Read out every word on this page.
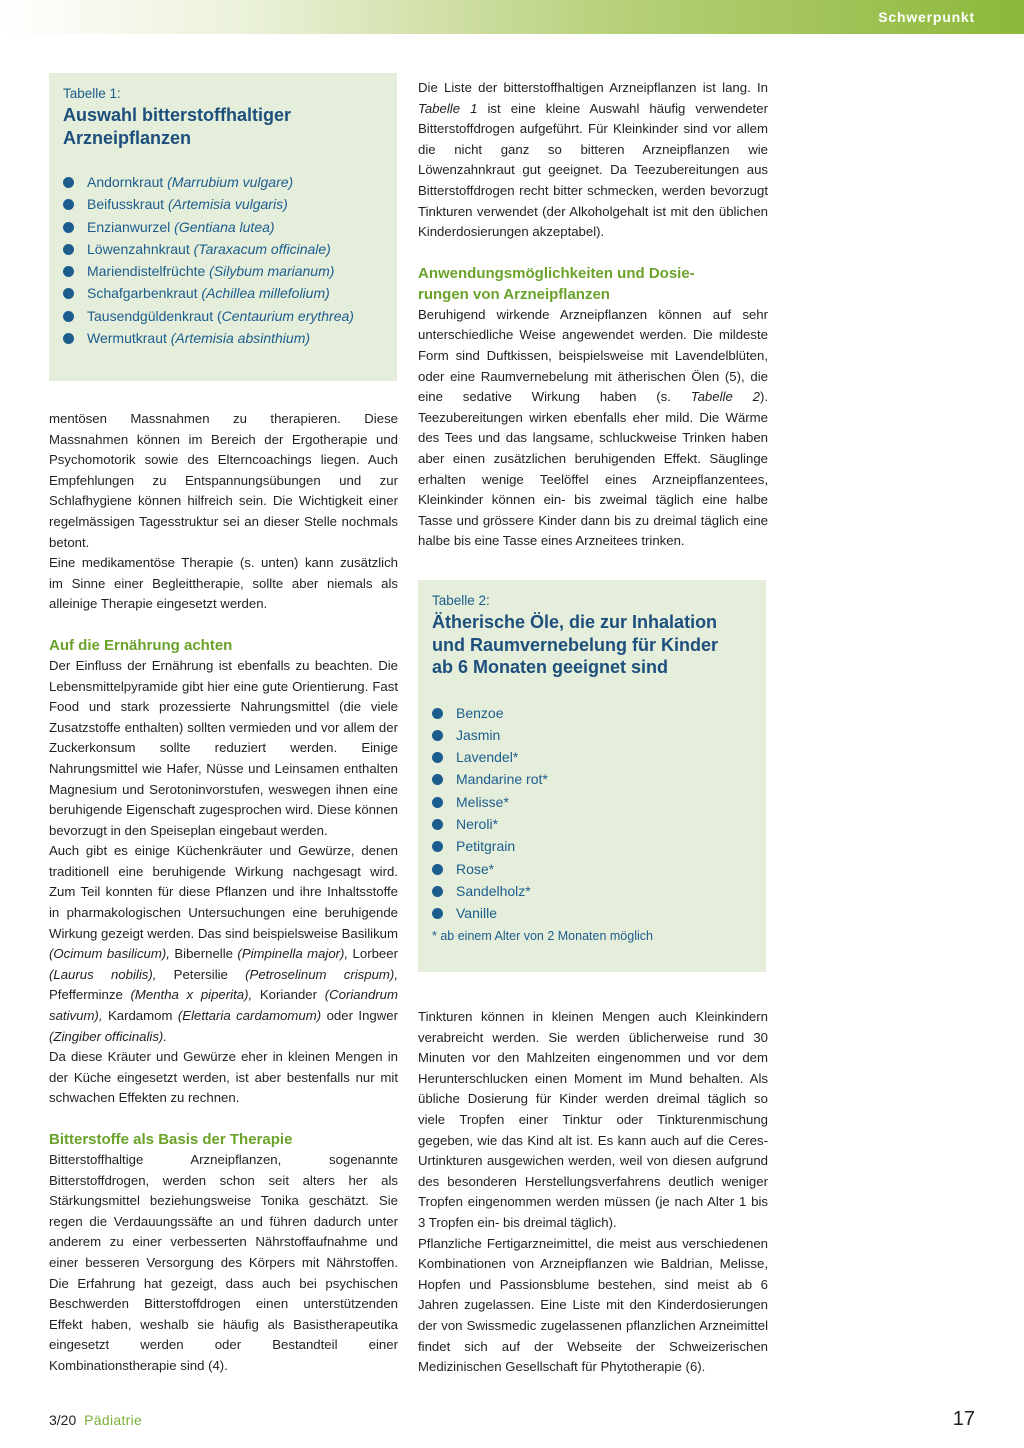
Schwerpunkt
Tabelle 1:
Auswahl bitterstoffhaltiger
Arzneipflanzen
Andornkraut (Marrubium vulgare)
Beifusskraut (Artemisia vulgaris)
Enzianwurzel (Gentiana lutea)
Löwenzahnkraut (Taraxacum officinale)
Mariendistelfrüchte (Silybum marianum)
Schafgarbenkraut (Achillea millefolium)
Tausendgüldenkraut (Centaurium erythrea)
Wermutkraut (Artemisia absinthium)

mentösen Massnahmen zu therapieren. Diese Massnahmen können im Bereich der Ergotherapie und Psychomotorik sowie des Elterncoachings liegen. Auch Empfehlungen zu Entspannungsübungen und zur Schlafhygiene können hilfreich sein. Die Wichtigkeit einer regelmässigen Tagesstruktur sei an dieser Stelle nochmals betont.

Eine medikamentöse Therapie (s. unten) kann zusätzlich im Sinne einer Begleittherapie, sollte aber niemals als alleinige Therapie eingesetzt werden.

Auf die Ernährung achten

Der Einfluss der Ernährung ist ebenfalls zu beachten. Die Lebensmittelpyramide gibt hier eine gute Orientierung. Fast Food und stark prozessierte Nahrungsmittel (die viele Zusatzstoffe enthalten) sollten vermieden und vor allem der Zuckerkonsum sollte reduziert werden. Einige Nahrungsmittel wie Hafer, Nüsse und Leinsamen enthalten Magnesium und Serotoninvorstufen, weswegen ihnen eine beruhigende Eigenschaft zugesprochen wird. Diese können bevorzugt in den Speiseplan eingebaut werden.

Auch gibt es einige Küchenkräuter und Gewürze, denen traditionell eine beruhigende Wirkung nachgesagt wird. Zum Teil konnten für diese Pflanzen und ihre Inhaltsstoffe in pharmakologischen Untersuchungen eine beruhigende Wirkung gezeigt werden. Das sind beispielsweise Basilikum (Ocimum basilicum), Bibernelle (Pimpinella major), Lorbeer (Laurus nobilis), Petersilie (Petroselinum crispum), Pfefferminze (Mentha x piperita), Koriander (Coriandrum sativum), Kardamom (Elettaria cardamomum) oder Ingwer (Zingiber officinalis).

Da diese Kräuter und Gewürze eher in kleinen Mengen in der Küche eingesetzt werden, ist aber bestenfalls nur mit schwachen Effekten zu rechnen.

Bitterstoffe als Basis der Therapie

Bitterstoffhaltige Arzneipflanzen, sogenannte Bitterstoffdrogen, werden schon seit alters her als Stärkungsmittel beziehungsweise Tonika geschätzt. Sie regen die Verdauungssäfte an und führen dadurch unter anderem zu einer verbesserten Nährstoffaufnahme und einer besseren Versorgung des Körpers mit Nährstoffen. Die Erfahrung hat gezeigt, dass auch bei psychischen Beschwerden Bitterstoffdrogen einen unterstützenden Effekt haben, weshalb sie häufig als Basistherapeutika eingesetzt werden oder Bestandteil einer Kombinationstherapie sind (4).

Die Liste der bitterstoffhaltigen Arzneipflanzen ist lang. In Tabelle 1 ist eine kleine Auswahl häufig verwendeter Bitterstoffdrogen aufgeführt. Für Kleinkinder sind vor allem die nicht ganz so bitteren Arzneipflanzen wie Löwenzahnkraut gut geeignet. Da Teezubereitungen aus Bitterstoffdrogen recht bitter schmecken, werden bevorzugt Tinkturen verwendet (der Alkoholgehalt ist mit den üblichen Kinderdosierungen akzeptabel).

Anwendungsmöglichkeiten und Dosie-
rungen von Arzneipflanzen

Beruhigend wirkende Arzneipflanzen können auf sehr unterschiedliche Weise angewendet werden. Die mildeste Form sind Duftkissen, beispielsweise mit Lavendelblüten, oder eine Raumvernebelung mit ätherischen Ölen (5), die eine sedative Wirkung haben (s. Tabelle 2). Teezubereitungen wirken ebenfalls eher mild. Die Wärme des Tees und das langsame, schluckweise Trinken haben aber einen zusätzlichen beruhigenden Effekt. Säuglinge erhalten wenige Teelöffel eines Arzneipflanzentees, Kleinkinder können ein- bis zweimal täglich eine halbe Tasse und grössere Kinder dann bis zu dreimal täglich eine halbe bis eine Tasse eines Arzneitees trinken.

Tabelle 2:
Ätherische Öle, die zur Inhalation
und Raumvernebelung für Kinder
ab 6 Monaten geeignet sind
Benzoe
Jasmin
Lavendel*
Mandarine rot*
Melisse*
Neroli*
Petitgrain
Rose*
Sandelholz*
Vanille
* ab einem Alter von 2 Monaten möglich

Tinkturen können in kleinen Mengen auch Kleinkindern verabreicht werden. Sie werden üblicherweise rund 30 Minuten vor den Mahlzeiten eingenommen und vor dem Herunterschlucken einen Moment im Mund behalten. Als übliche Dosierung für Kinder werden dreimal täglich so viele Tropfen einer Tinktur oder Tinkturenmischung gegeben, wie das Kind alt ist. Es kann auch auf die Ceres-Urtinkturen ausgewichen werden, weil von diesen aufgrund des besonderen Herstellungsverfahrens deutlich weniger Tropfen eingenommen werden müssen (je nach Alter 1 bis 3 Tropfen ein- bis dreimal täglich).

Pflanzliche Fertigarzneimittel, die meist aus verschiedenen Kombinationen von Arzneipflanzen wie Baldrian, Melisse, Hopfen und Passionsblume bestehen, sind meist ab 6 Jahren zugelassen. Eine Liste mit den Kinderdosierungen der von Swissmedic zugelassenen pflanzlichen Arzneimittel findet sich auf der Webseite der Schweizerischen Medizinischen Gesellschaft für Phytotherapie (6).

3/20 Pädiatrie	17
